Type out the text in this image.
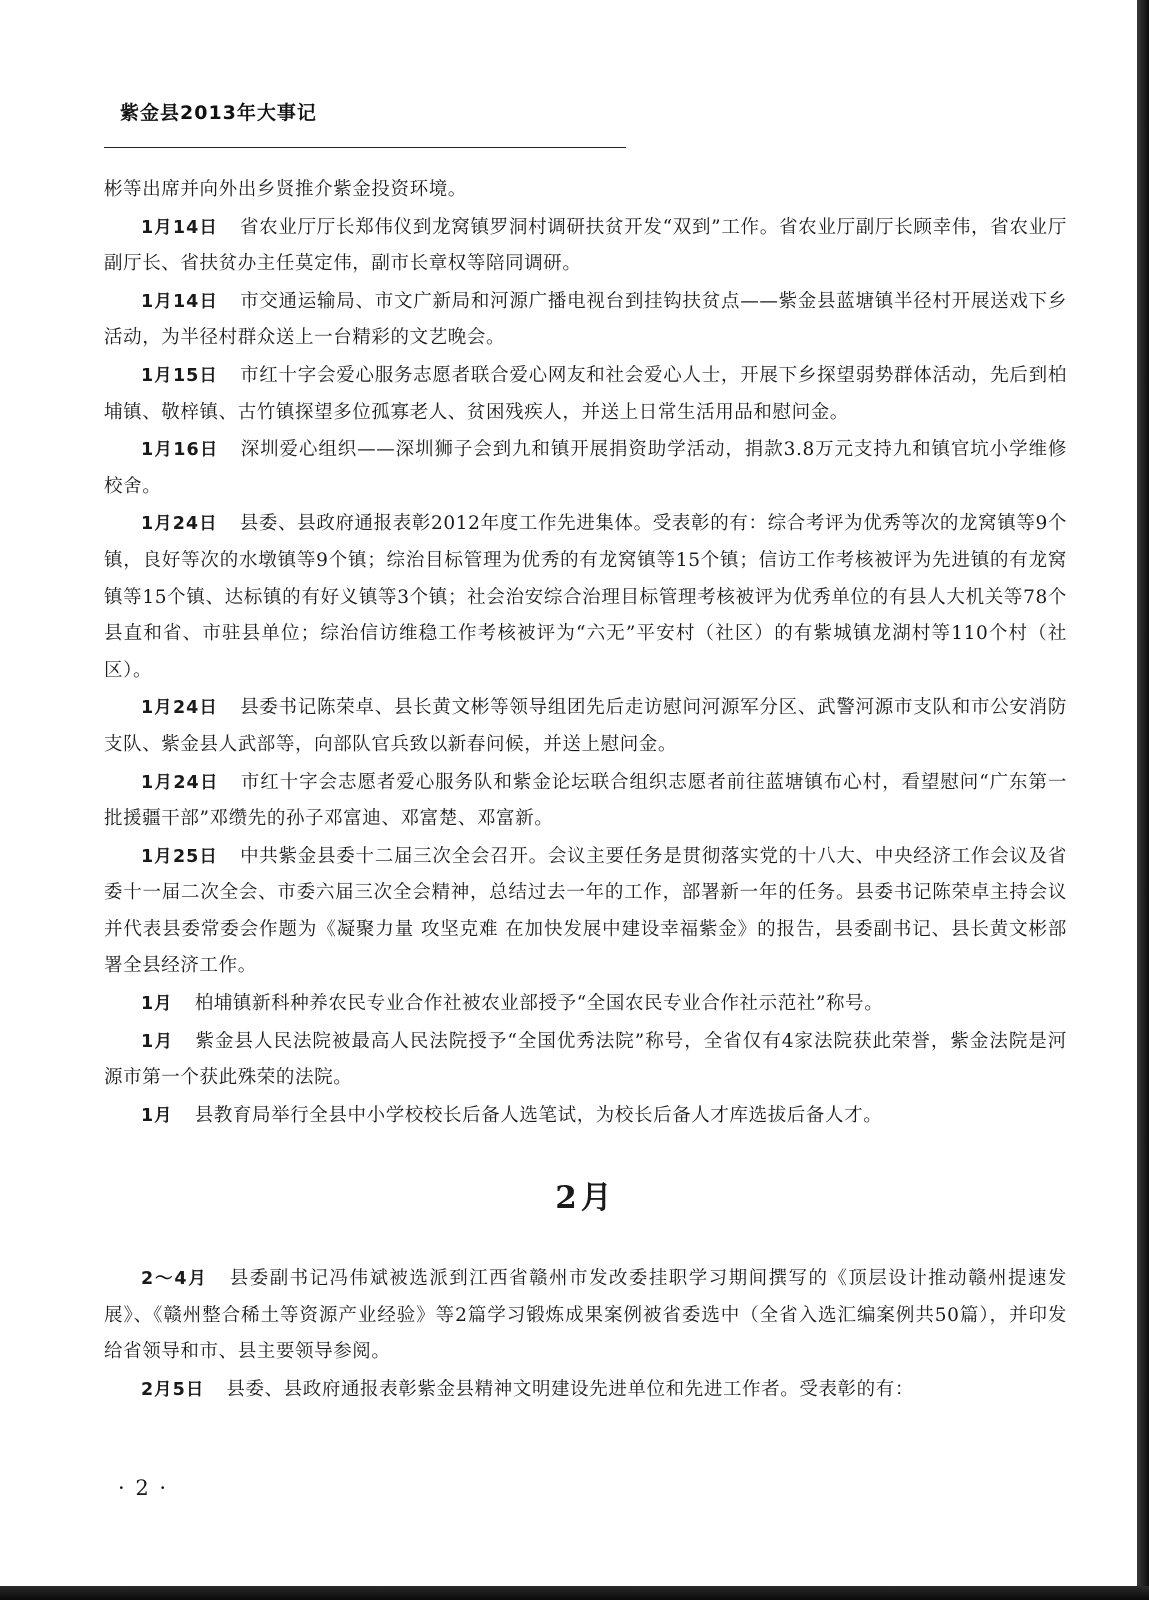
紫金县2013年大事记

彬等出席并向外出乡贤推介紫金投资环境。

1月14日 省农业厅厅长郑伟仪到龙窝镇罗洞村调研扶贫开发“双到”工作。省农业厅副厅长顾幸伟，省农业厅副厅长、省扶贫办主任莫定伟，副市长章权等陪同调研。

1月14日 市交通运输局、市文广新局和河源广播电视台到挂钩扶贫点——紫金县蓝塘镇半径村开展送戏下乡活动，为半径村群众送上一台精彩的文艺晚会。

1月15日 市红十字会爱心服务志愿者联合爱心网友和社会爱心人士，开展下乡探望弱势群体活动，先后到柏埔镇、敬梓镇、古竹镇探望多位孤寡老人、贫困残疾人，并送上日常生活用品和慰问金。

1月16日 深圳爱心组织——深圳狮子会到九和镇开展捐资助学活动，捐款3.8万元支持九和镇官坑小学维修校舍。

1月24日 县委、县政府通报表彰2012年度工作先进集体。受表彰的有：综合考评为优秀等次的龙窝镇等9个镇，良好等次的水墩镇等9个镇；综治目标管理为优秀的有龙窝镇等15个镇；信访工作考核被评为先进镇的有龙窝镇等15个镇、达标镇的有好义镇等3个镇；社会治安综合治理目标管理考核被评为优秀单位的有县人大机关等78个县直和省、市驻县单位；综治信访维稳工作考核被评为“六无”平安村（社区）的有紫城镇龙湖村等110个村（社区）。

1月24日 县委书记陈荣卓、县长黄文彬等领导组团先后走访慰问河源军分区、武警河源市支队和市公安消防支队、紫金县人武部等，向部队官兵致以新春问候，并送上慰问金。

1月24日 市红十字会志愿者爱心服务队和紫金论坛联合组织志愿者前往蓝塘镇布心村，看望慰问“广东第一批援疆干部”邓缵先的孙子邓富迪、邓富楚、邓富新。

1月25日 中共紫金县委十二届三次全会召开。会议主要任务是贯彻落实党的十八大、中央经济工作会议及省委十一届二次全会、市委六届三次全会精神，总结过去一年的工作，部署新一年的任务。县委书记陈荣卓主持会议并代表县委常委会作题为《凝聚力量 攻坚克难 在加快发展中建设幸福紫金》的报告，县委副书记、县长黄文彬部署全县经济工作。

1月 柏埔镇新科种养农民专业合作社被农业部授予“全国农民专业合作社示范社”称号。

1月 紫金县人民法院被最高人民法院授予“全国优秀法院”称号，全省仅有4家法院获此荣誉，紫金法院是河源市第一个获此殊荣的法院。

1月 县教育局举行全县中小学校校长后备人选笔试，为校长后备人才库选拔后备人才。

2月

2～4月 县委副书记冯伟斌被选派到江西省赣州市发改委挂职学习期间撰写的《顶层设计推动赣州提速发展》、《赣州整合稀土等资源产业经验》等2篇学习锻炼成果案例被省委选中（全省入选汇编案例共50篇），并印发给省领导和市、县主要领导参阅。

2月5日 县委、县政府通报表彰紫金县精神文明建设先进单位和先进工作者。受表彰的有：

· 2 ·
